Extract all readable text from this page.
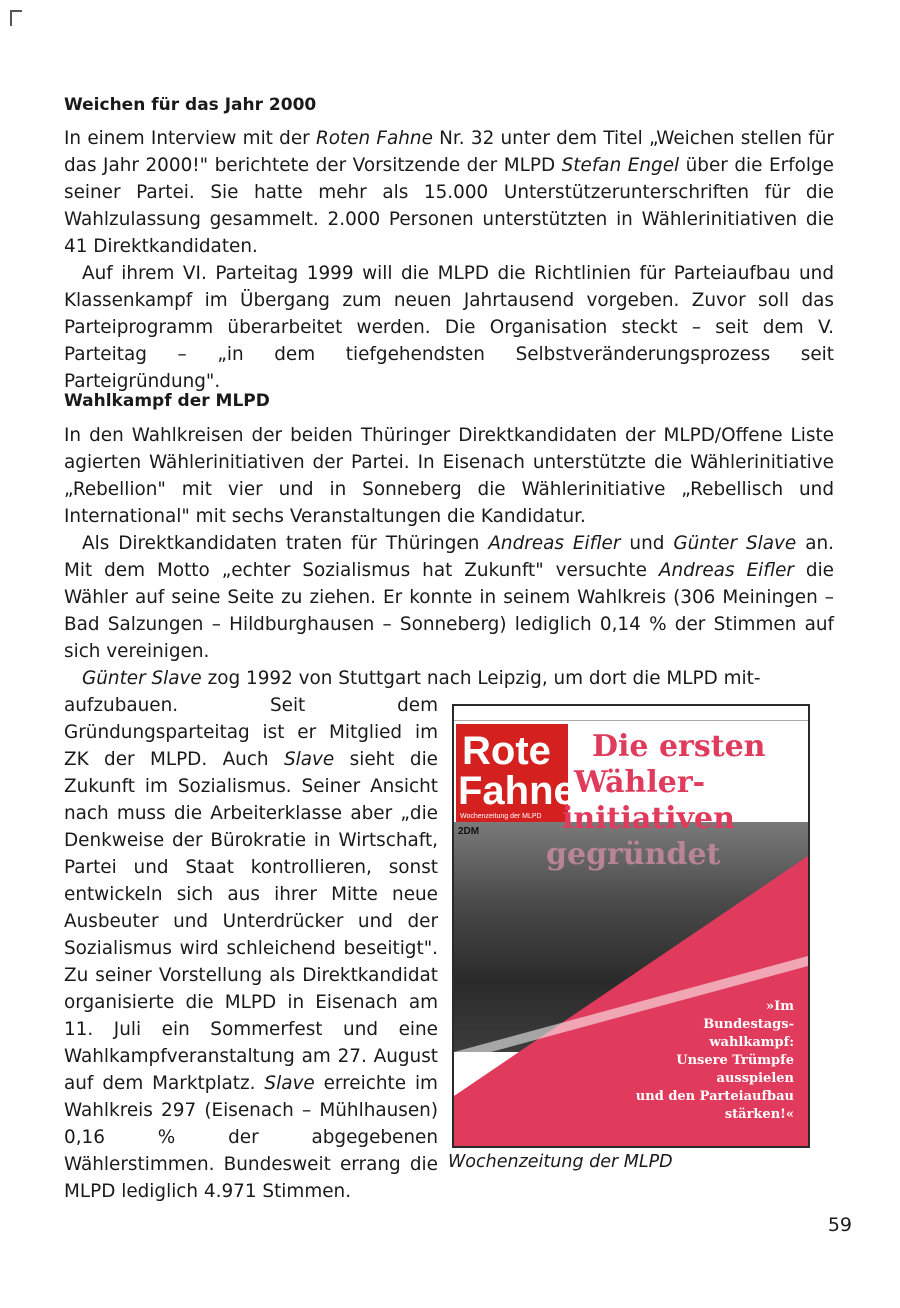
Weichen für das Jahr 2000

In einem Interview mit der Roten Fahne Nr. 32 unter dem Titel „Weichen stellen für das Jahr 2000!" berichtete der Vorsitzende der MLPD Stefan Engel über die Erfolge seiner Partei. Sie hatte mehr als 15.000 Unterstützerunterschriften für die Wahlzulassung gesammelt. 2.000 Personen unterstützten in Wählerinitiativen die 41 Direktkandidaten.

Auf ihrem VI. Parteitag 1999 will die MLPD die Richtlinien für Parteiaufbau und Klassenkampf im Übergang zum neuen Jahrtausend vorgeben. Zuvor soll das Parteiprogramm überarbeitet werden. Die Organisation steckt – seit dem V. Parteitag – „in dem tiefgehendsten Selbstveränderungsprozess seit Parteigründung".

Wahlkampf der MLPD

In den Wahlkreisen der beiden Thüringer Direktkandidaten der MLPD/Offene Liste agierten Wählerinitiativen der Partei. In Eisenach unterstützte die Wählerinitiative „Rebellion" mit vier und in Sonneberg die Wählerinitiative „Rebellisch und International" mit sechs Veranstaltungen die Kandidatur.

Als Direktkandidaten traten für Thüringen Andreas Eifler und Günter Slave an. Mit dem Motto „echter Sozialismus hat Zukunft" versuchte Andreas Eifler die Wähler auf seine Seite zu ziehen. Er konnte in seinem Wahlkreis (306 Meiningen – Bad Salzungen – Hildburghausen – Sonneberg) lediglich 0,14 % der Stimmen auf sich vereinigen.

Günter Slave zog 1992 von Stuttgart nach Leipzig, um dort die MLPD mit-

aufzubauen. Seit dem Gründungsparteitag ist er Mitglied im ZK der MLPD. Auch Slave sieht die Zukunft im Sozialismus. Seiner Ansicht nach muss die Arbeiterklasse aber „die Denkweise der Bürokratie in Wirtschaft, Partei und Staat kontrollieren, sonst entwickeln sich aus ihrer Mitte neue Ausbeuter und Unterdrücker und der Sozialismus wird schleichend beseitigt". Zu seiner Vorstellung als Direktkandidat organisierte die MLPD in Eisenach am 11. Juli ein Sommerfest und eine Wahlkampfveranstaltung am 27. August auf dem Marktplatz. Slave erreichte im Wahlkreis 297 (Eisenach – Mühlhausen) 0,16 % der abgegebenen Wählerstimmen. Bundesweit errang die MLPD lediglich 4.971 Stimmen.
Rote
Fahne
Wochenzeitung der MLPD
2DM
Die ersten
Wähler-
initiativen
gegründet
»Im
Bundestags-
wahlkampf:
Unsere Trümpfe
ausspielen
und den Parteiaufbau
stärken!«
Wochenzeitung der MLPD
59
